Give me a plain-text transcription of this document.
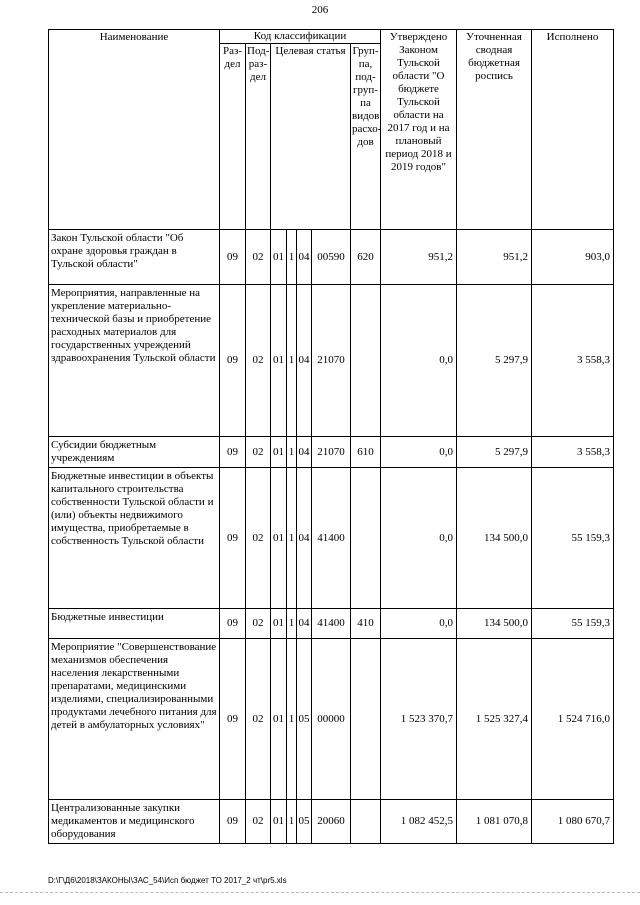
206
Наименование	Код классификации							Утверждено Законом Тульской области "О бюджете Тульской области на 2017 год и на плановый период 2018 и 2019 годов"	Уточненная сводная бюджетная роспись	Исполнено
	Раз-дел	Под-раз-дел	Целевая статья				Груп-па, под-груп-па видов расхо-дов			
Закон Тульской области "Об охране здоровья граждан в Тульской области"	09	02	01	1	04	00590	620	951,2	951,2	903,0
Мероприятия, направленные на укрепление материально-технической базы и приобретение расходных материалов для государственных учреждений здравоохранения Тульской области	09	02	01	1	04	21070		0,0	5 297,9	3 558,3
Субсидии бюджетным учреждениям	09	02	01	1	04	21070	610	0,0	5 297,9	3 558,3
Бюджетные инвестиции в объекты капитального строительства собственности Тульской области и (или) объекты недвижимого имущества, приобретаемые в собственность Тульской области	09	02	01	1	04	41400		0,0	134 500,0	55 159,3
Бюджетные инвестиции	09	02	01	1	04	41400	410	0,0	134 500,0	55 159,3
Мероприятие "Совершенствование механизмов обеспечения населения лекарственными препаратами, медицинскими изделиями, специализированными продуктами лечебного питания для детей в амбулаторных условиях"	09	02	01	1	05	00000		1 523 370,7	1 525 327,4	1 524 716,0
Централизованные закупки медикаментов и медицинского оборудования	09	02	01	1	05	20060		1 082 452,5	1 081 070,8	1 080 670,7
D:\Г\Д6\2018\ЗАКОНЫ\ЗАС_54\Исп бюджет ТО 2017_2 чт\pr5.xls
